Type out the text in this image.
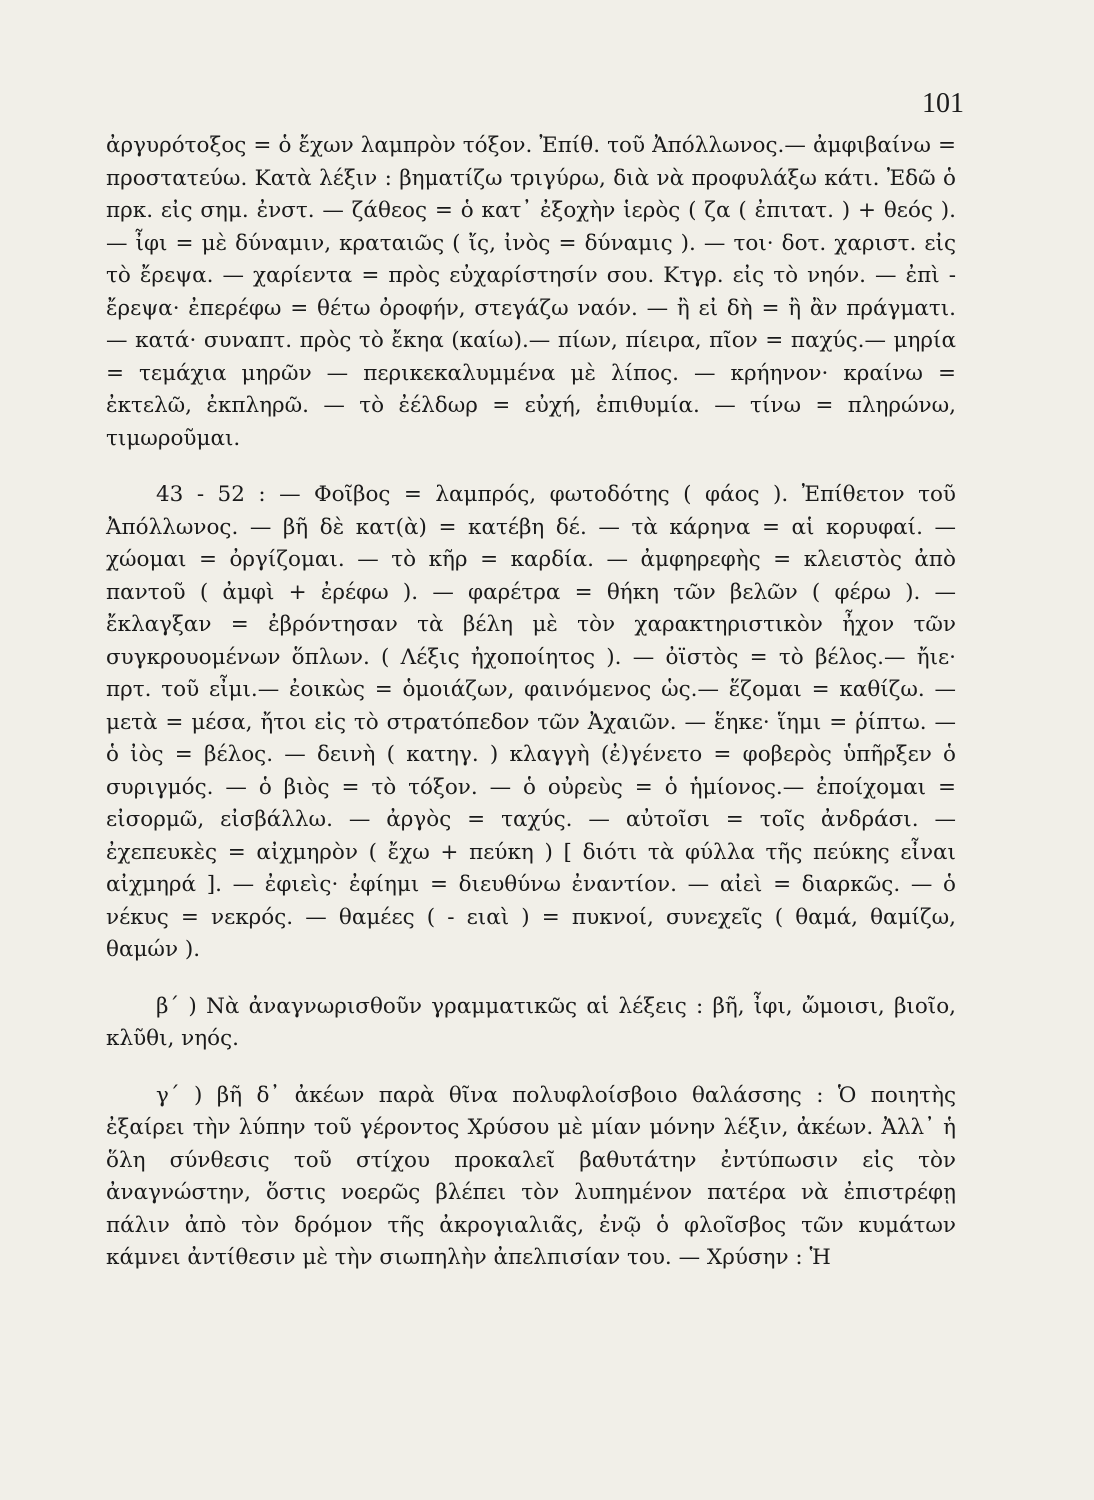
101

ἀργυρότοξος = ὁ ἔχων λαμπρὸν τόξον. Ἐπίθ. τοῦ Ἀπόλλωνος.— ἀμφιβαίνω = προστατεύω. Κατὰ λέξιν : βηματίζω τριγύρω, διὰ νὰ προφυλάξω κάτι. Ἐδῶ ὁ πρκ. εἰς σημ. ἐνστ. — ζάθεος = ὁ κατ᾽ ἐξοχὴν ἱερὸς ( ζα ( ἐπιτατ. ) + θεός ). — ἶφι = μὲ δύναμιν, κραταιῶς ( ἴς, ἰνὸς = δύναμις ). — τοι· δοτ. χαριστ. εἰς τὸ ἔρεψα. — χαρίεντα = πρὸς εὐχαρίστησίν σου. Κτγρ. εἰς τὸ νηόν. — ἐπὶ - ἔρεψα· ἐπερέφω = θέτω ὀροφήν, στεγάζω ναόν. — ἢ εἰ δὴ = ἢ ἂν πράγματι. — κατά· συναπτ. πρὸς τὸ ἔκηα (καίω).— πίων, πίειρα, πῖον = παχύς.— μηρία = τεμάχια μηρῶν — περικεκαλυμμένα μὲ λίπος. — κρήηνον· κραίνω = ἐκτελῶ, ἐκπληρῶ. — τὸ ἐέλδωρ = εὐχή, ἐπιθυμία. — τίνω = πληρώνω, τιμωροῦμαι.

43 - 52 : — Φοῖβος = λαμπρός, φωτοδότης ( φάος ). Ἐπίθετον τοῦ Ἀπόλλωνος. — βῆ δὲ κατ(ὰ) = κατέβη δέ. — τὰ κάρηνα = αἱ κορυφαί. — χώομαι = ὀργίζομαι. — τὸ κῆρ = καρδία. — ἀμφηρεφὴς = κλειστὸς ἀπὸ παντοῦ ( ἀμφὶ + ἐρέφω ). — φαρέτρα = θήκη τῶν βελῶν ( φέρω ). — ἔκλαγξαν = ἐβρόντησαν τὰ βέλη μὲ τὸν χαρακτηριστικὸν ἦχον τῶν συγκρουομένων ὅπλων. ( Λέξις ἠχοποίητος ). — ὀϊστὸς = τὸ βέλος.— ἤιε· πρτ. τοῦ εἶμι.— ἐοικὼς = ὁμοιάζων, φαινόμενος ὡς.— ἕζομαι = καθίζω. — μετὰ = μέσα, ἤτοι εἰς τὸ στρατόπεδον τῶν Ἀχαιῶν. — ἕηκε· ἵημι = ῥίπτω. — ὁ ἰὸς = βέλος. — δεινὴ ( κατηγ. ) κλαγγὴ (ἐ)γένετο = φοβερὸς ὑπῆρξεν ὁ συριγμός. — ὁ βιὸς = τὸ τόξον. — ὁ οὐρεὺς = ὁ ἡμίονος.— ἐποίχομαι = εἰσορμῶ, εἰσβάλλω. — ἀργὸς = ταχύς. — αὐτοῖσι = τοῖς ἀνδράσι. — ἐχεπευκὲς = αἰχμηρὸν ( ἔχω + πεύκη ) [ διότι τὰ φύλλα τῆς πεύκης εἶναι αἰχμηρά ]. — ἐφιεὶς· ἐφίημι = διευθύνω ἐναντίον. — αἰεὶ = διαρκῶς. — ὁ νέκυς = νεκρός. — θαμέες ( - ειαὶ ) = πυκνοί, συνεχεῖς ( θαμά, θαμίζω, θαμών ).

β΄ ) Νὰ ἀναγνωρισθοῦν γραμματικῶς αἱ λέξεις : βῆ, ἶφι, ὤμοισι, βιοῖο, κλῦθι, νηός.

γ΄ ) βῆ δ᾽ ἀκέων παρὰ θῖνα πολυφλοίσβοιο θαλάσσης : Ὁ ποιητὴς ἐξαίρει τὴν λύπην τοῦ γέροντος Χρύσου μὲ μίαν μόνην λέξιν, ἀκέων. Ἀλλ᾽ ἡ ὅλη σύνθεσις τοῦ στίχου προκαλεῖ βαθυτάτην ἐντύπωσιν εἰς τὸν ἀναγνώστην, ὅστις νοερῶς βλέπει τὸν λυπημένον πατέρα νὰ ἐπιστρέφῃ πάλιν ἀπὸ τὸν δρόμον τῆς ἀκρογιαλιᾶς, ἐνῷ ὁ φλοῖσβος τῶν κυμάτων κάμνει ἀντίθεσιν μὲ τὴν σιωπηλὴν ἀπελπισίαν του. — Χρύσην : Ἡ
